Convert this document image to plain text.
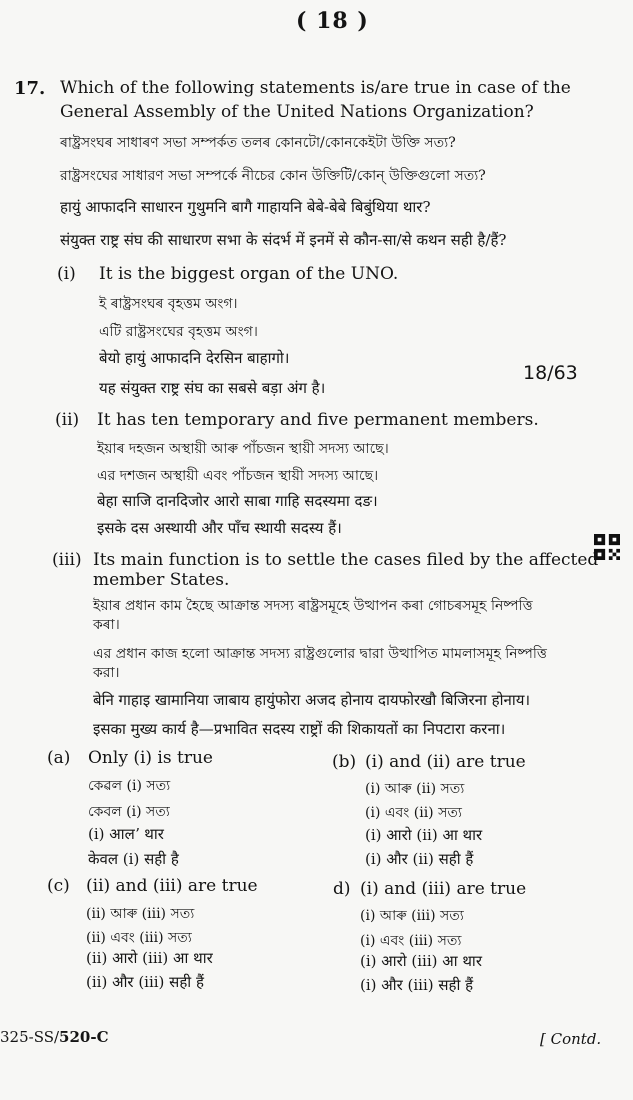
( 18 )
17. Which of the following statements is/are true in case of the
General Assembly of the United Nations Organization?
ৰাষ্ট্ৰসংঘৰ সাধাৰণ সভা সম্পৰ্কত তলৰ কোনটো/কোনকেইটা উক্তি সত্য?
রাষ্ট্রসংঘের সাধারণ সভা সম্পর্কে নীচের কোন উক্তিটি/কোন্ উক্তিগুলো সত্য?
हायुं आफादनि साधारन गुथुमनि बागै गाहायनि बेबे-बेबे बिबुंथिया थार?
संयुक्त राष्ट्र संघ की साधारण सभा के संदर्भ में इनमें से कौन-सा/से कथन सही है/हैं?
(i) It is the biggest organ of the UNO.
ই ৰাষ্ট্ৰসংঘৰ বৃহত্তম অংগ।
এটি রাষ্ট্রসংঘের বৃহত্তম অংগ।
बेयो हायुं आफादनि देरसिन बाहागो।
यह संयुक्त राष्ट्र संघ का सबसे बड़ा अंग है।
18/63
(ii) It has ten temporary and five permanent members.
ইয়াৰ দহজন অস্থায়ী আৰু পাঁচজন স্থায়ী সদস্য আছে।
এর দশজন অস্থায়ী এবং পাঁচজন স্থায়ী সদস্য আছে।
बेहा साजि दानदिजोर आरो साबा गाहि सदस्यमा दङ।
इसके दस अस्थायी और पाँच स्थायी सदस्य हैं।
(iii) Its main function is to settle the cases filed by the affected
member States.
ইয়াৰ প্ৰধান কাম হৈছে আক্ৰান্ত সদস্য ৰাষ্ট্ৰসমূহে উত্থাপন কৰা গোচৰসমূহ নিষ্পত্তি
কৰা।
এর প্রধান কাজ হলো আক্রান্ত সদস্য রাষ্ট্রগুলোর দ্বারা উত্থাপিত মামলাসমূহ নিষ্পত্তি
করা।
बेनि गाहाइ खामानिया जाबाय हायुंफोरा अजद होनाय दायफोरखौ बिजिरना होनाय।
इसका मुख्य कार्य है—प्रभावित सदस्य राष्ट्रों की शिकायतों का निपटारा करना।
(a) Only (i) is true
কেৱল (i) সত্য
কেবল (i) সত্য
(i) आलʼ थार
केवल (i) सही है
(b) (i) and (ii) are true
(i) আৰু (ii) সত্য
(i) এবং (ii) সত্য
(i) आरो (ii) आ थार
(i) और (ii) सही हैं
(c) (ii) and (iii) are true
(ii) আৰু (iii) সত্য
(ii) এবং (iii) সত্য
(ii) आरो (iii) आ थार
(ii) और (iii) सही हैं
d) (i) and (iii) are true
(i) আৰু (iii) সত্য
(i) এবং (iii) সত্য
(i) आरो (iii) आ थार
(i) और (iii) सही हैं
325-SS/520-C	[ Contd.
